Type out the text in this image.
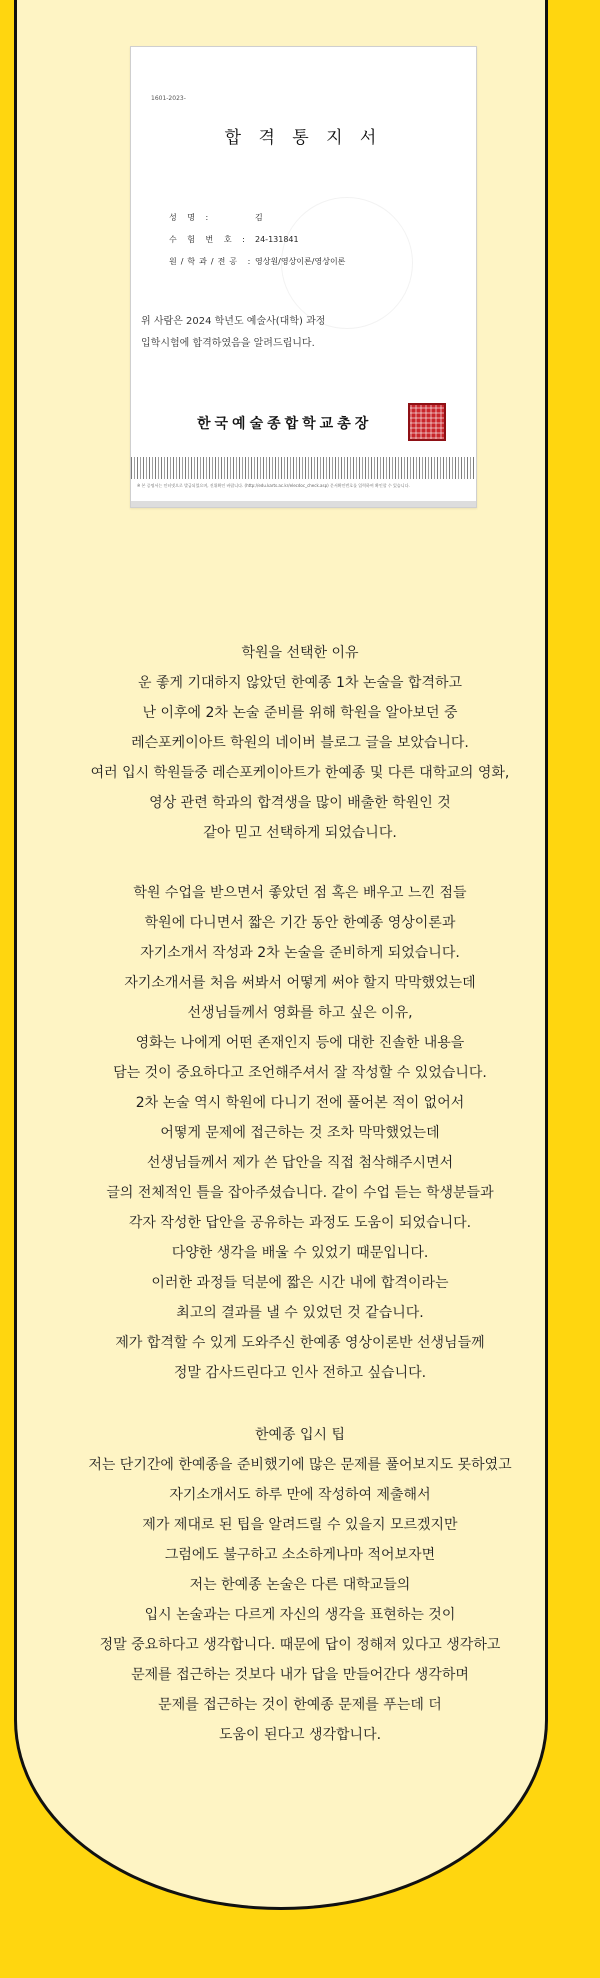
1601-2023-
합 격 통 지 서
성 명 :	김
수 험 번 호 : 24-131841
원/학과/전공 : 영상원/영상이론/영상이론
위 사람은 2024 학년도 예술사(대학) 과정
입학시험에 합격하였음을 알려드립니다.
한국예술종합학교총장
※ 본 증명서는 인터넷으로 발급되었으며, 진위확인 바랍니다. (http://edu.karts.ac.kr/elecdoc_check.asp) 문서확인번호를 입력하여 확인할 수 있습니다.

학원을 선택한 이유

운 좋게 기대하지 않았던 한예종 1차 논술을 합격하고

난 이후에 2차 논술 준비를 위해 학원을 알아보던 중

레슨포케이아트 학원의 네이버 블로그 글을 보았습니다.

여러 입시 학원들중 레슨포케이아트가 한예종 및 다른 대학교의 영화,

영상 관련 학과의 합격생을 많이 배출한 학원인 것

같아 믿고 선택하게 되었습니다.

학원 수업을 받으면서 좋았던 점 혹은 배우고 느낀 점들

학원에 다니면서 짧은 기간 동안 한예종 영상이론과

자기소개서 작성과 2차 논술을 준비하게 되었습니다.

자기소개서를 처음 써봐서 어떻게 써야 할지 막막했었는데

선생님들께서 영화를 하고 싶은 이유,

영화는 나에게 어떤 존재인지 등에 대한 진솔한 내용을

담는 것이 중요하다고 조언해주셔서 잘 작성할 수 있었습니다.

2차 논술 역시 학원에 다니기 전에 풀어본 적이 없어서

어떻게 문제에 접근하는 것 조차 막막했었는데

선생님들께서 제가 쓴 답안을 직접 첨삭해주시면서

글의 전체적인 틀을 잡아주셨습니다. 같이 수업 듣는 학생분들과

각자 작성한 답안을 공유하는 과정도 도움이 되었습니다.

다양한 생각을 배울 수 있었기 때문입니다.

이러한 과정들 덕분에 짧은 시간 내에 합격이라는

최고의 결과를 낼 수 있었던 것 같습니다.

제가 합격할 수 있게 도와주신 한예종 영상이론반 선생님들께

정말 감사드린다고 인사 전하고 싶습니다.

한예종 입시 팁

저는 단기간에 한예종을 준비했기에 많은 문제를 풀어보지도 못하였고

자기소개서도 하루 만에 작성하여 제출해서

제가 제대로 된 팁을 알려드릴 수 있을지 모르겠지만

그럼에도 불구하고 소소하게나마 적어보자면

저는 한예종 논술은 다른 대학교들의

입시 논술과는 다르게 자신의 생각을 표현하는 것이

정말 중요하다고 생각합니다. 때문에 답이 정해져 있다고 생각하고

문제를 접근하는 것보다 내가 답을 만들어간다 생각하며

문제를 접근하는 것이 한예종 문제를 푸는데 더

도움이 된다고 생각합니다.
